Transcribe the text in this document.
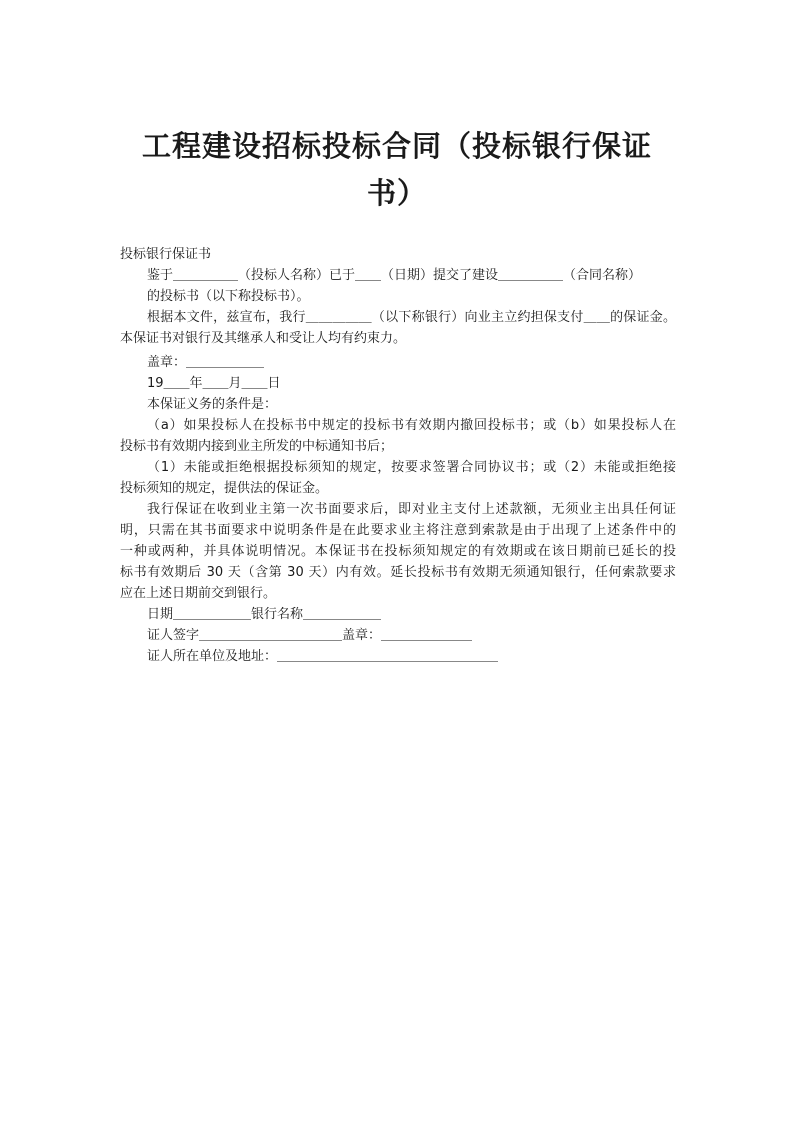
工程建设招标投标合同（投标银行保证
书）
投标银行保证书
鉴于＿＿＿＿＿（投标人名称）已于＿＿（日期）提交了建设＿＿＿＿＿（合同名称）
的投标书（以下称投标书）。
根据本文件，兹宣布，我行＿＿＿＿＿（以下称银行）向业主立约担保支付＿＿的保证金。
本保证书对银行及其继承人和受让人均有约束力。
盖章：＿＿＿＿＿＿
19＿＿年＿＿月＿＿日
本保证义务的条件是：
（a）如果投标人在投标书中规定的投标书有效期内撤回投标书；或（b）如果投标人在
投标书有效期内接到业主所发的中标通知书后；
（1）未能或拒绝根据投标须知的规定，按要求签署合同协议书；或（2）未能或拒绝接
投标须知的规定，提供法的保证金。
我行保证在收到业主第一次书面要求后，即对业主支付上述款额，无须业主出具任何证
明，只需在其书面要求中说明条件是在此要求业主将注意到索款是由于出现了上述条件中的
一种或两种，并具体说明情况。本保证书在投标须知规定的有效期或在该日期前已延长的投
标书有效期后 30 天（含第 30 天）内有效。延长投标书有效期无须通知银行，任何索款要求
应在上述日期前交到银行。
日期＿＿＿＿＿＿银行名称＿＿＿＿＿＿
证人签字＿＿＿＿＿＿＿＿＿＿＿盖章：＿＿＿＿＿＿＿
证人所在单位及地址：＿＿＿＿＿＿＿＿＿＿＿＿＿＿＿＿＿
